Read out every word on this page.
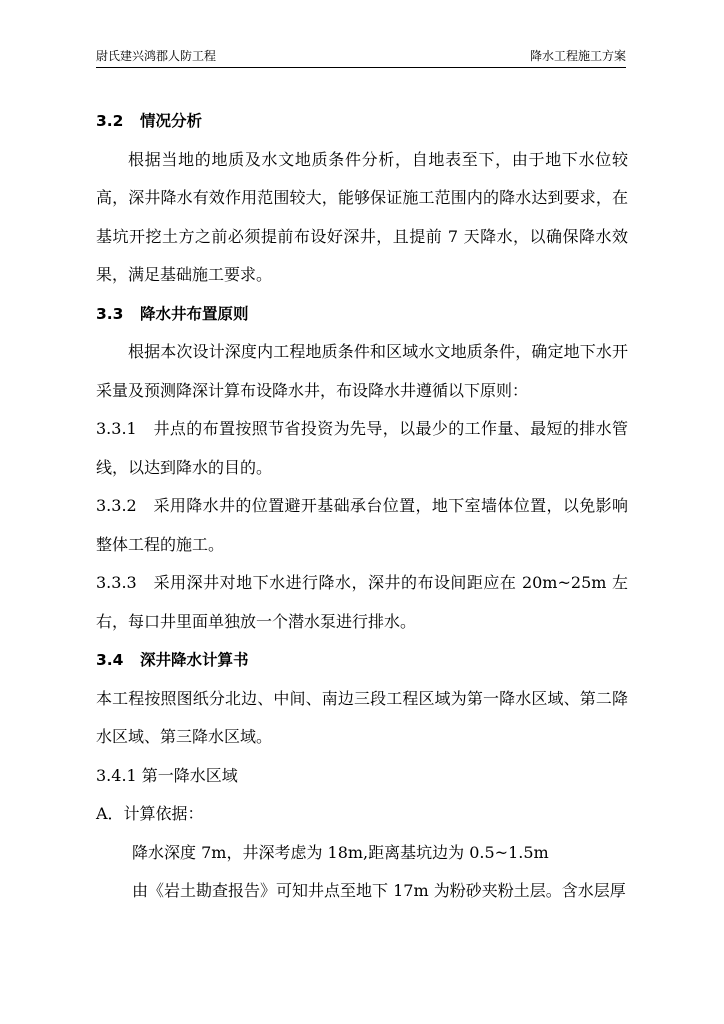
尉氏建兴鸿郡人防工程	降水工程施工方案
3.2 情况分析

根据当地的地质及水文地质条件分析，自地表至下，由于地下水位较高，深井降水有效作用范围较大，能够保证施工范围内的降水达到要求，在基坑开挖土方之前必须提前布设好深井，且提前 7 天降水，以确保降水效果，满足基础施工要求。

3.3 降水井布置原则

根据本次设计深度内工程地质条件和区域水文地质条件，确定地下水开采量及预测降深计算布设降水井，布设降水井遵循以下原则：

3.3.1　井点的布置按照节省投资为先导，以最少的工作量、最短的排水管线，以达到降水的目的。

3.3.2　采用降水井的位置避开基础承台位置，地下室墙体位置，以免影响整体工程的施工。

3.3.3　采用深井对地下水进行降水，深井的布设间距应在 20m~25m 左右，每口井里面单独放一个潜水泵进行排水。

3.4 深井降水计算书

本工程按照图纸分北边、中间、南边三段工程区域为第一降水区域、第二降水区域、第三降水区域。

3.4.1 第一降水区域

A．计算依据：

降水深度 7m，井深考虑为 18m,距离基坑边为 0.5~1.5m

由《岩土勘查报告》可知井点至地下 17m 为粉砂夹粉土层。含水层厚
